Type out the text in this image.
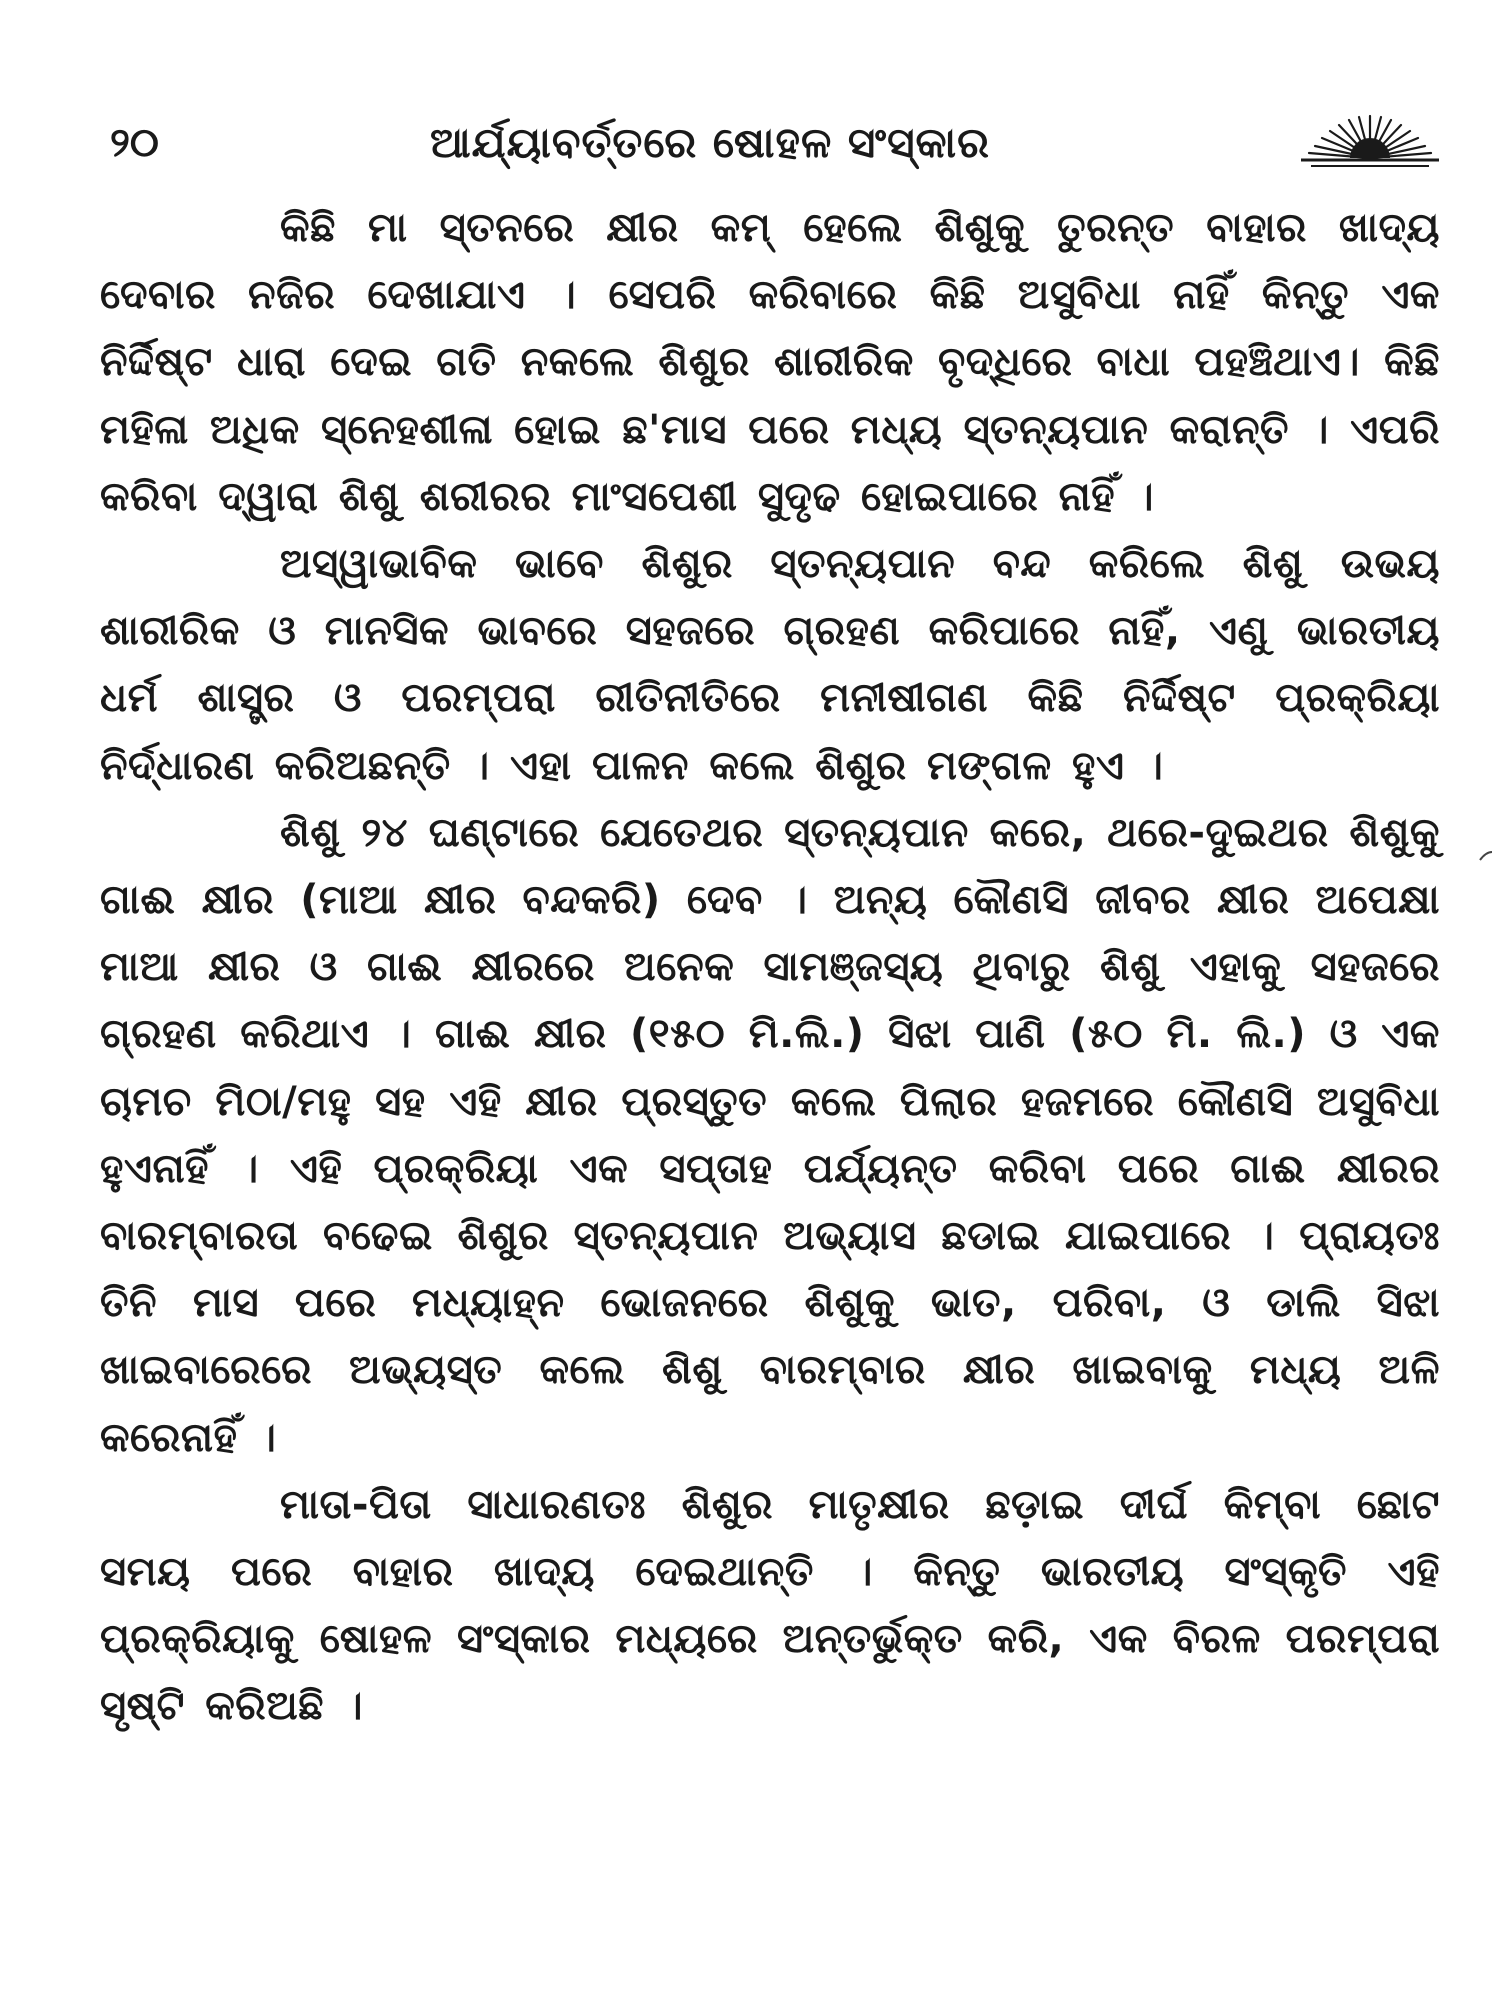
୨୦	ଆର୍ଯ୍ୟାବର୍ତ୍ତରେ ଷୋହଳ ସଂସ୍କାର

କିଛି ମା ସ୍ତନରେ କ୍ଷୀର କମ୍ ହେଲେ ଶିଶୁକୁ ତୁରନ୍ତ ବାହାର ଖାଦ୍ୟ ଦେବାର ନଜିର ଦେଖାଯାଏ । ସେପରି କରିବାରେ କିଛି ଅସୁବିଧା ନାହିଁ କିନ୍ତୁ ଏକ ନିର୍ଦ୍ଦିଷ୍ଟ ଧାରା ଦେଇ ଗତି ନକଲେ ଶିଶୁର ଶାରୀରିକ ବୃଦ୍ଧିରେ ବାଧା ପହଞ୍ଚିଥାଏ। କିଛି ମହିଳା ଅଧିକ ସ୍ନେହଶୀଳା ହୋଇ ଛ'ମାସ ପରେ ମଧ୍ୟ ସ୍ତନ୍ୟପାନ କରାନ୍ତି । ଏପରି କରିବା ଦ୍ୱାରା ଶିଶୁ ଶରୀରର ମାଂସପେଶୀ ସୁଦୃଢ ହୋଇପାରେ ନାହିଁ ।

ଅସ୍ୱାଭାବିକ ଭାବେ ଶିଶୁର ସ୍ତନ୍ୟପାନ ବନ୍ଦ କରିଲେ ଶିଶୁ ଉଭୟ ଶାରୀରିକ ଓ ମାନସିକ ଭାବରେ ସହଜରେ ଗ୍ରହଣ କରିପାରେ ନାହିଁ, ଏଣୁ ଭାରତୀୟ ଧର୍ମ ଶାସ୍ତ୍ର ଓ ପରମ୍ପରା ରୀତିନୀତିରେ ମନୀଷୀଗଣ କିଛି ନିର୍ଦ୍ଦିଷ୍ଟ ପ୍ରକ୍ରିୟା ନିର୍ଦ୍ଧାରଣ କରିଅଛନ୍ତି । ଏହା ପାଳନ କଲେ ଶିଶୁର ମଙ୍ଗଳ ହୁଏ ।

ଶିଶୁ ୨୪ ଘଣ୍ଟାରେ ଯେତେଥର ସ୍ତନ୍ୟପାନ କରେ, ଥରେ-ଦୁଇଥର ଶିଶୁକୁ ଗାଈ କ୍ଷୀର (ମାଆ କ୍ଷୀର ବନ୍ଦକରି) ଦେବ । ଅନ୍ୟ କୌଣସି ଜୀବର କ୍ଷୀର ଅପେକ୍ଷା ମାଆ କ୍ଷୀର ଓ ଗାଈ କ୍ଷୀରରେ ଅନେକ ସାମଞ୍ଜସ୍ୟ ଥିବାରୁ ଶିଶୁ ଏହାକୁ ସହଜରେ ଗ୍ରହଣ କରିଥାଏ । ଗାଈ କ୍ଷୀର (୧୫୦ ମି.ଲି.) ସିଝା ପାଣି (୫୦ ମି. ଲି.) ଓ ଏକ ଚାମଚ ମିଠା/ମହୁ ସହ ଏହି କ୍ଷୀର ପ୍ରସ୍ତୁତ କଲେ ପିଲାର ହଜମରେ କୌଣସି ଅସୁବିଧା ହୁଏନାହିଁ । ଏହି ପ୍ରକ୍ରିୟା ଏକ ସପ୍ତାହ ପର୍ଯ୍ୟନ୍ତ କରିବା ପରେ ଗାଈ କ୍ଷୀରର ବାରମ୍ବାରତା ବଢେଇ ଶିଶୁର ସ୍ତନ୍ୟପାନ ଅଭ୍ୟାସ ଛଡାଇ ଯାଇପାରେ । ପ୍ରାୟତଃ ତିନି ମାସ ପରେ ମଧ୍ୟାହ୍ନ ଭୋଜନରେ ଶିଶୁକୁ ଭାତ, ପରିବା, ଓ ଡାଲି ସିଝା ଖାଇବାରେରେ ଅଭ୍ୟସ୍ତ କଲେ ଶିଶୁ ବାରମ୍ବାର କ୍ଷୀର ଖାଇବାକୁ ମଧ୍ୟ ଅଳି କରେନାହିଁ ।

ମାତା-ପିତା ସାଧାରଣତଃ ଶିଶୁର ମାତୃକ୍ଷୀର ଛଡ଼ାଇ ଦୀର୍ଘ କିମ୍ବା ଛୋଟ ସମୟ ପରେ ବାହାର ଖାଦ୍ୟ ଦେଇଥାନ୍ତି । କିନ୍ତୁ ଭାରତୀୟ ସଂସ୍କୃତି ଏହି ପ୍ରକ୍ରିୟାକୁ ଷୋହଳ ସଂସ୍କାର ମଧ୍ୟରେ ଅନ୍ତର୍ଭୁକ୍ତ କରି, ଏକ ବିରଳ ପରମ୍ପରା ସୃଷ୍ଟି କରିଅଛି ।
